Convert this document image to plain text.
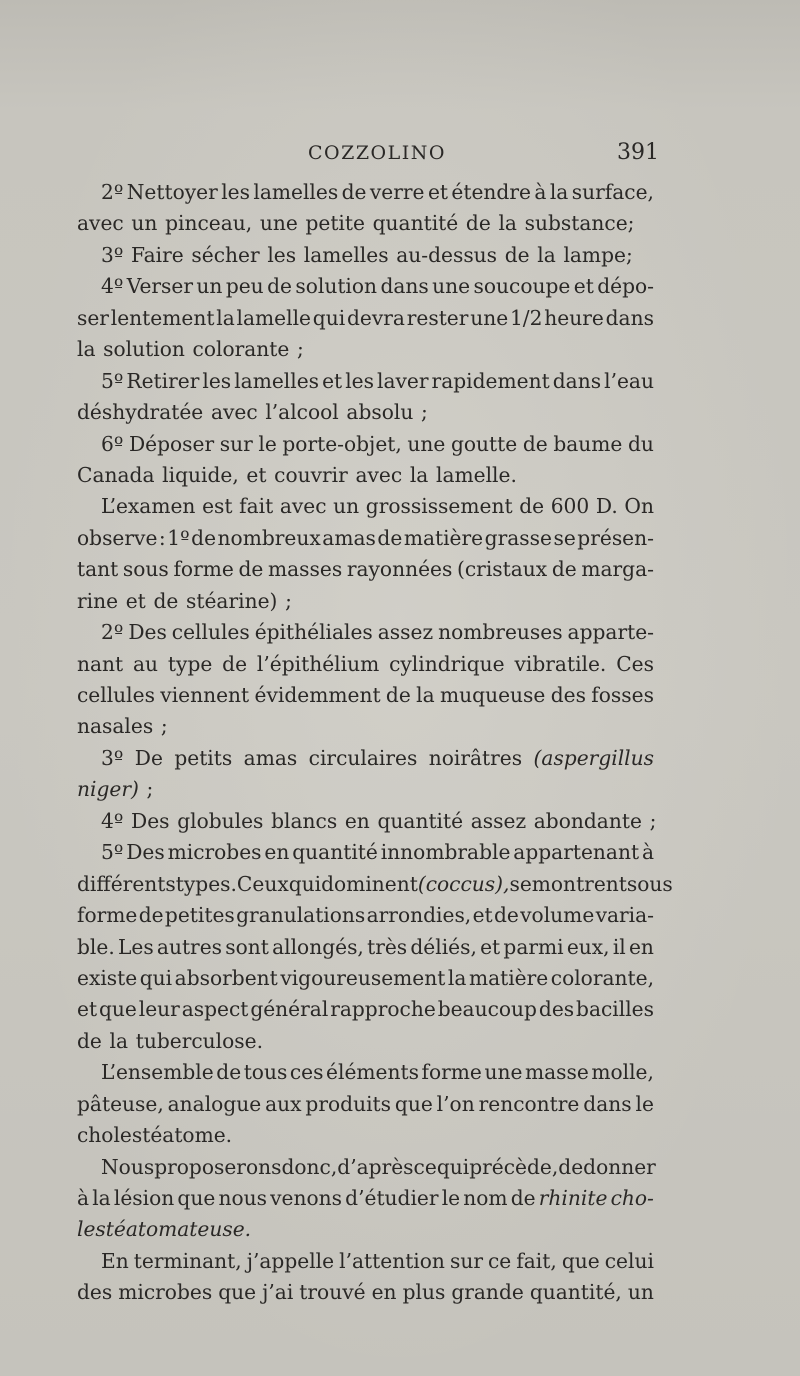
COZZOLINO	391
2º Nettoyer les lamelles de verre et étendre à la surface,
avec un pinceau, une petite quantité de la substance;
3º Faire sécher les lamelles au-dessus de la lampe;
4º Verser un peu de solution dans une soucoupe et dépo-
ser lentement la lamelle qui devra rester une 1/2 heure dans
la solution colorante ;
5º Retirer les lamelles et les laver rapidement dans l’eau
déshydratée avec l’alcool absolu ;
6º Déposer sur le porte-objet, une goutte de baume du
Canada liquide, et couvrir avec la lamelle.
L’examen est fait avec un grossissement de 600 D. On
observe : 1º de nombreux amas de matière grasse se présen-
tant sous forme de masses rayonnées (cristaux de marga-
rine et de stéarine) ;
2º Des cellules épithéliales assez nombreuses apparte-
nant au type de l’épithélium cylindrique vibratile. Ces
cellules viennent évidemment de la muqueuse des fosses
nasales ;
3º De petits amas circulaires noirâtres (aspergillus
niger) ;
4º Des globules blancs en quantité assez abondante ;
5º Des microbes en quantité innombrable appartenant à
différents types. Ceux qui dominent (coccus), se montrent sous
forme de petites granulations arrondies, et de volume varia-
ble. Les autres sont allongés, très déliés, et parmi eux, il en
existe qui absorbent vigoureusement la matière colorante,
et que leur aspect général rapproche beaucoup des bacilles
de la tuberculose.
L’ensemble de tous ces éléments forme une masse molle,
pâteuse, analogue aux produits que l’on rencontre dans le
cholestéatome.
Nous proposerons donc, d’après ce qui précède, de donner
à la lésion que nous venons d’étudier le nom de rhinite cho-
lestéatomateuse.
En terminant, j’appelle l’attention sur ce fait, que celui
des microbes que j’ai trouvé en plus grande quantité, un
